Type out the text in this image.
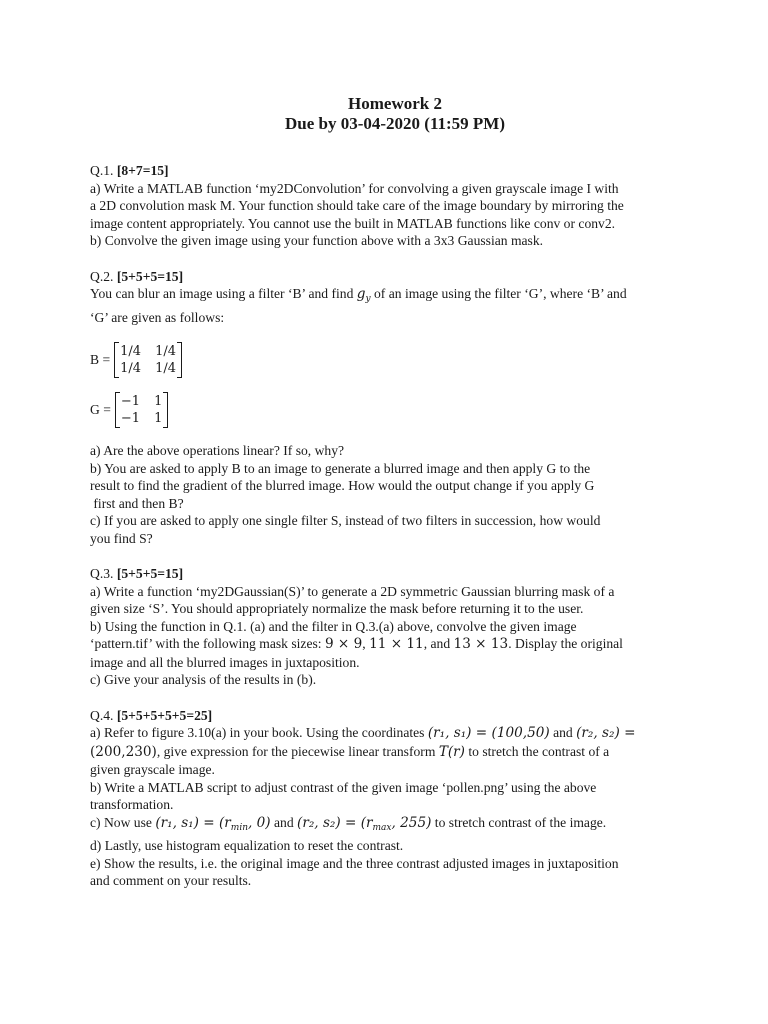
Homework 2
Due by 03-04-2020 (11:59 PM)

Q.1. [8+7=15]

a) Write a MATLAB function ‘my2DConvolution’ for convolving a given grayscale image I with

a 2D convolution mask M. Your function should take care of the image boundary by mirroring the

image content appropriately. You cannot use the built in MATLAB functions like conv or conv2.

b) Convolve the given image using your function above with a 3x3 Gaussian mask.

Q.2. [5+5+5=15]

You can blur an image using a filter ‘B’ and find $g_y$ of an image using the filter ‘G’, where ‘B’ and

‘G’ are given as follows:

B =
1/4 1/4
1/4 1/4
G =
−1 1
−1 1

a) Are the above operations linear? If so, why?

b) You are asked to apply B to an image to generate a blurred image and then apply G to the

result to find the gradient of the blurred image. How would the output change if you apply G

first and then B?

c) If you are asked to apply one single filter S, instead of two filters in succession, how would

you find S?

Q.3. [5+5+5=15]

a) Write a function ‘my2DGaussian(S)’ to generate a 2D symmetric Gaussian blurring mask of a

given size ‘S’. You should appropriately normalize the mask before returning it to the user.

b) Using the function in Q.1. (a) and the filter in Q.3.(a) above, convolve the given image

‘pattern.tif’ with the following mask sizes: 9 × 9, 11 × 11, and 13 × 13. Display the original

image and all the blurred images in juxtaposition.

c) Give your analysis of the results in (b).

Q.4. [5+5+5+5+5=25]

a) Refer to figure 3.10(a) in your book. Using the coordinates (r₁, s₁) = (100,50) and (r₂, s₂) =

(200,230), give expression for the piecewise linear transform T(r) to stretch the contrast of a

given grayscale image.

b) Write a MATLAB script to adjust contrast of the given image ‘pollen.png’ using the above

transformation.

c) Now use (r₁, $s_1) = (r_{min}$, 0) and (r₂, $s_2) = (r_{max}$, 255) to stretch contrast of the image.

d) Lastly, use histogram equalization to reset the contrast.

e) Show the results, i.e. the original image and the three contrast adjusted images in juxtaposition

and comment on your results.
